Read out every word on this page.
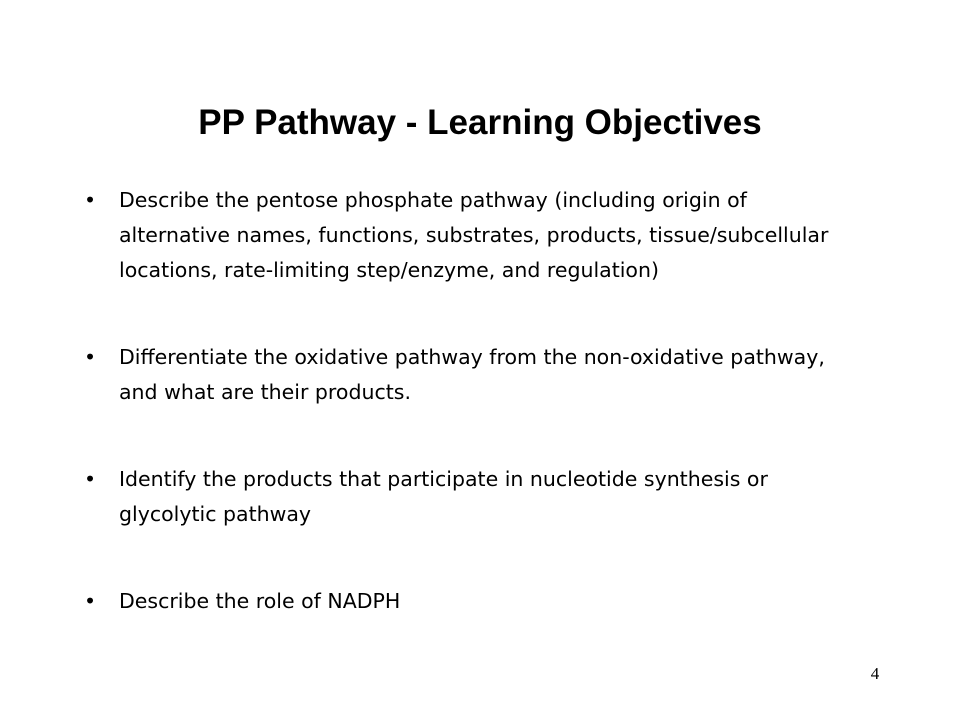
PP Pathway - Learning Objectives
•	Describe the pentose phosphate pathway (including origin of alternative names, functions, substrates, products, tissue/subcellular locations, rate-limiting step/enzyme, and regulation)
•	Differentiate the oxidative pathway from the non-oxidative pathway, and what are their products.
•	Identify the products that participate in nucleotide synthesis or glycolytic pathway
•	Describe the role of NADPH
4
